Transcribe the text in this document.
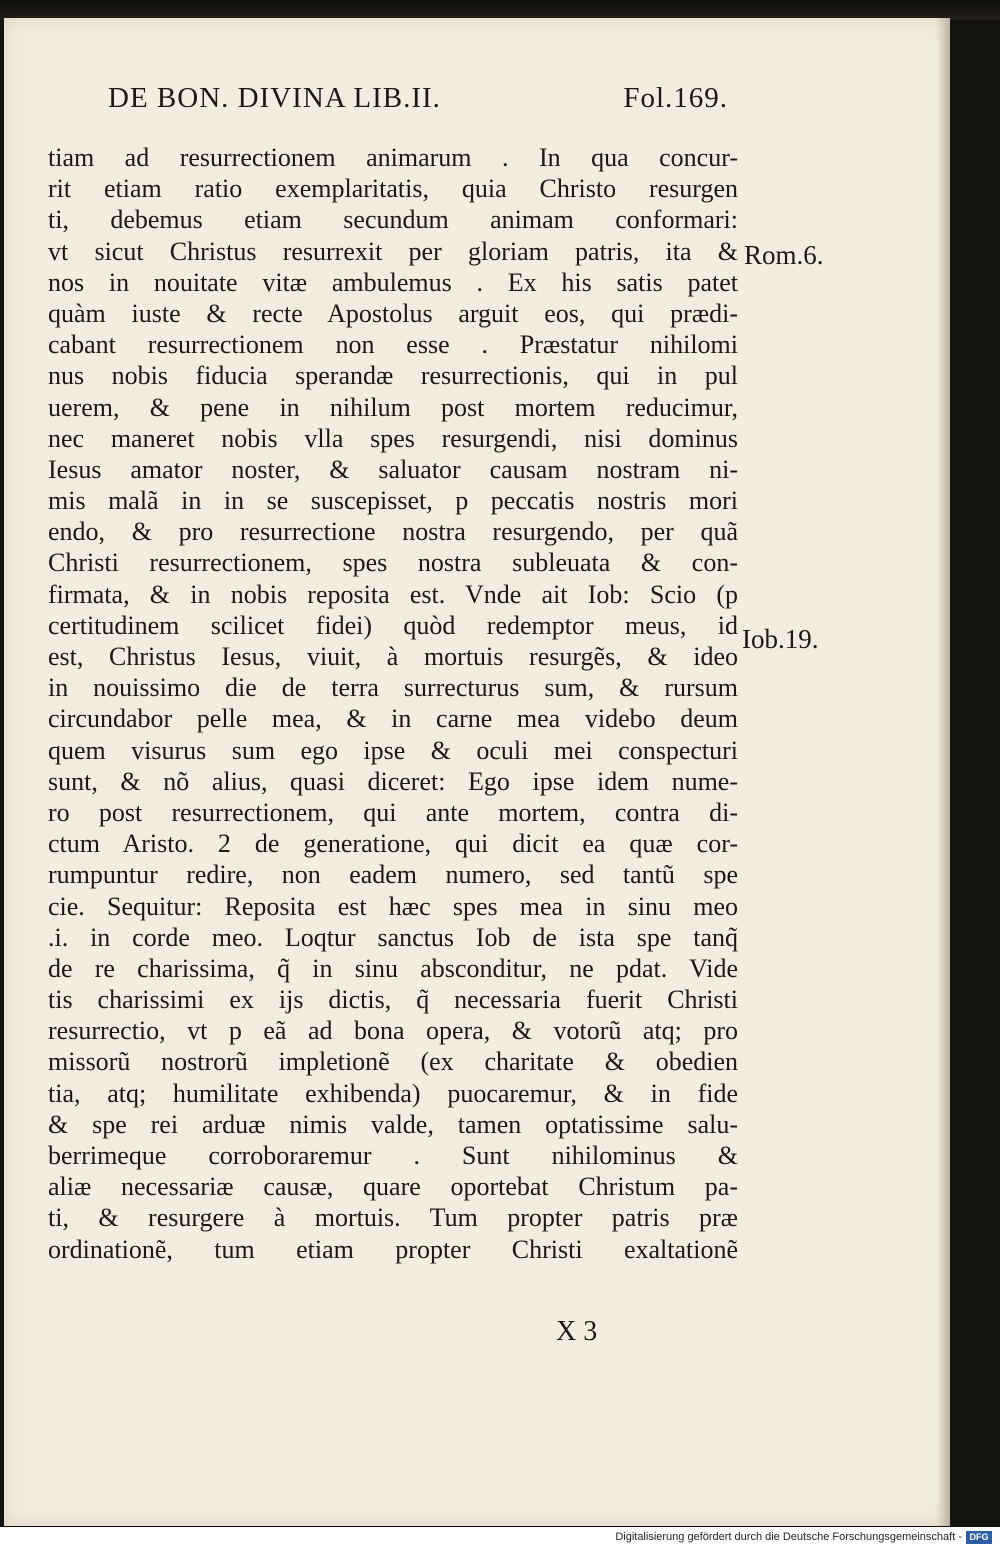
DE BON. DIVINA LIB.II.	Fol.169.
tiam ad resurrectionem animarum . In qua concur-
rit etiam ratio exemplaritatis, quia Christo resurgen
ti, debemus etiam secundum animam conformari:
vt sicut Christus resurrexit per gloriam patris, ita &
nos in nouitate vitæ ambulemus . Ex his satis patet
quàm iuste & recte Apostolus arguit eos, qui prædi-
cabant resurrectionem non esse . Præstatur nihilomi
nus nobis fiducia sperandæ resurrectionis, qui in pul
uerem, & pene in nihilum post mortem reducimur,
nec maneret nobis vlla spes resurgendi, nisi dominus
Iesus amator noster, & saluator causam nostram ni-
mis malã in in se suscepisset, p peccatis nostris mori
endo, & pro resurrectione nostra resurgendo, per quã
Christi resurrectionem, spes nostra subleuata & con-
firmata, & in nobis reposita est. Vnde ait Iob: Scio (p
certitudinem scilicet fidei) quòd redemptor meus, id
est, Christus Iesus, viuit, à mortuis resurgẽs, & ideo
in nouissimo die de terra surrecturus sum, & rursum
circundabor pelle mea, & in carne mea videbo deum
quem visurus sum ego ipse & oculi mei conspecturi
sunt, & nõ alius, quasi diceret: Ego ipse idem nume-
ro post resurrectionem, qui ante mortem, contra di-
ctum Aristo. 2 de generatione, qui dicit ea quæ cor-
rumpuntur redire, non eadem numero, sed tantũ spe
cie. Sequitur: Reposita est hæc spes mea in sinu meo
.i. in corde meo. Loqtur sanctus Iob de ista spe tanq̃
de re charissima, q̃ in sinu absconditur, ne pdat. Vide
tis charissimi ex ijs dictis, q̃ necessaria fuerit Christi
resurrectio, vt p eã ad bona opera, & votorũ atq; pro
missorũ nostrorũ impletionẽ (ex charitate & obedien
tia, atq; humilitate exhibenda) puocaremur, & in fide
& spe rei arduæ nimis valde, tamen optatissime salu-
berrimeque corroboraremur . Sunt nihilominus &
aliæ necessariæ causæ, quare oportebat Christum pa-
ti, & resurgere à mortuis. Tum propter patris præ
ordinationẽ, tum etiam propter Christi exaltationẽ
Rom.6.
Iob.19.
X 3
Digitalisierung gefördert durch die Deutsche Forschungsgemeinschaft - DFG
